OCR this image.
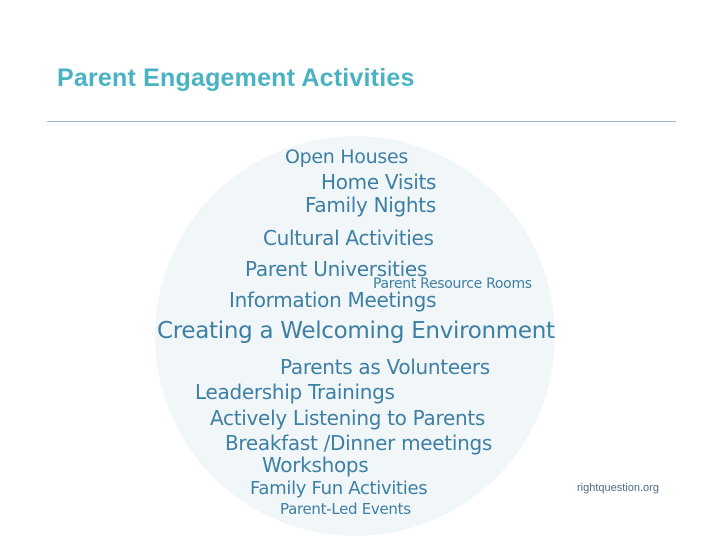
Parent Engagement Activities
Open Houses
Home Visits
Family Nights
Cultural Activities
Parent Universities
Parent Resource Rooms
Information Meetings
Creating a Welcoming Environment
Parents as Volunteers
Leadership Trainings
Actively Listening to Parents
Breakfast /Dinner meetings
Workshops
Family Fun Activities
Parent-Led Events
rightquestion.org
